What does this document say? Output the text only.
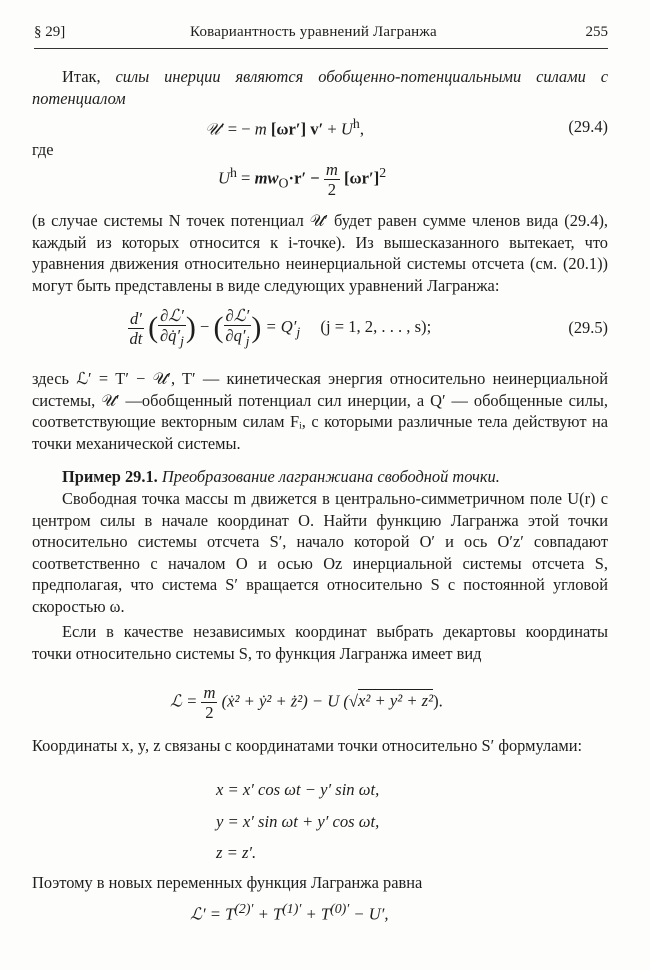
§ 29]	Ковариантность уравнений Лагранжа	255
Итак, силы инерции являются обобщенно-потенциальными силами с потенциалом
𝒰′ = − m [ωr′] $v' + U^h$,	(29.4)
где
$U^h = mw_O\cdot r' - \frac{m}{2} [\omega r']^2$
(в случае системы N точек потенциал 𝒰′ будет равен сумме членов вида (29.4), каждый из которых относится к i-точке). Из вышесказанного вытекает, что уравнения движения относительно неинерциальной системы отсчета (см. (20.1)) могут быть представлены в виде следующих уравнений Лагранжа:
$\frac{d'}{dt}$ ( $\frac{\text{∂ℒ′}}{\partial q̇'_j}$ ) − ( $\frac{\text{∂ℒ′}}{\partial q'_j}$ ) = $Q'_j$ (j = 1, 2, . . . , s);	(29.5)
здесь ℒ′ = T′ − 𝒰′, T′ — кинетическая энергия относительно неинерциальной системы, 𝒰′ —обобщенный потенциал сил инерции, а Q′ — обобщенные силы, соответствующие векторным силам Fᵢ, с которыми различные тела действуют на точки механической системы.
Пример 29.1. Преобразование лагранжиана свободной точки.
Свободная точка массы m движется в центрально-симметричном поле U(r) с центром силы в начале координат O. Найти функцию Лагранжа этой точки относительно системы отсчета S′, начало которой O′ и ось O′z′ совпадают соответственно с началом O и осью Oz инерциальной системы отсчета S, предполагая, что система S′ вращается относительно S с постоянной угловой скоростью ω.
Если в качестве независимых координат выбрать декартовы координаты точки относительно системы S, то функция Лагранжа имеет вид
ℒ = $\frac{m}{2}$ (ẋ² + ẏ² + ż²) − U (√x² + y² + z²).
Координаты x, y, z связаны с координатами точки относительно S′ формулами:
x = x′ cos ωt − y′ sin ωt,
y = x′ sin ωt + y′ cos ωt,
z = z′.
Поэтому в новых переменных функция Лагранжа равна
ℒ′ = $T^{(2)'} + T^{(1)'} + T^{(0)'} - U'$,
